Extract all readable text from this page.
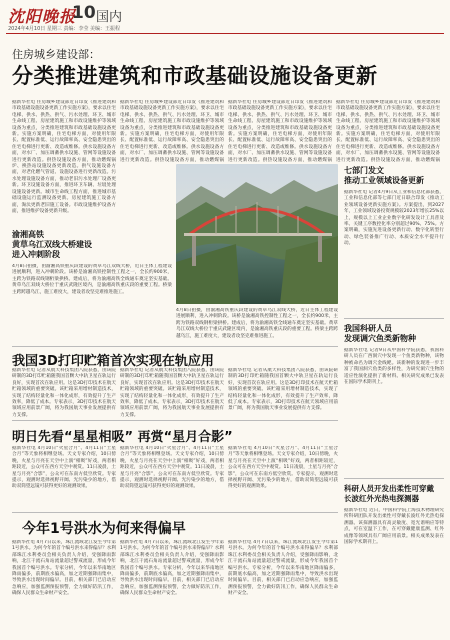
沈阳晚报
10 国内
2024年4月10日 星期三 责编：李莹 美编：王振程
住房城乡建设部：
分类推进建筑和市政基础设施设备更新
据新华社电 住房城乡建设部近日印发《推进建筑和市政基础设施设备更新工作实施方案》，要求以住宅电梯、供水、供热、供气、污水处理、环卫、城市生命线工程、房屋建筑施工和市政设施维护等领域设备为重点，分类推进建筑和市政基础设施设备更新。实施方案明确，住宅电梯方面，对使用年限长、配置标准低、运行故障率高、安全隐患突出的住宅电梯进行更新、改造或维修。供水设施设备方面，对水厂、加压调蓄供水设施、管网等设施设备进行更新改造。供热设施设备方面，推动燃煤锅炉、换热站设施设备更新改造。供气设施设备方面，对老化燃气管道、设施设备进行更新改造。污水处理设施设备方面，推动老旧污水处理厂设备更新。环卫设施设备方面，推进环卫车辆、垃圾处理设施设备更新。城市生命线工程方面，推进城市基础设施运行监测设备更新。房屋建筑施工设备方面，淘汰更新老旧施工设备。市政设施维护设备方面，推进维护设备更新升级。
据新华社电 住房城乡建设部近日印发《推进建筑和市政基础设施设备更新工作实施方案》，要求以住宅电梯、供水、供热、供气、污水处理、环卫、城市生命线工程、房屋建筑施工和市政设施维护等领域设备为重点，分类推进建筑和市政基础设施设备更新。实施方案明确，住宅电梯方面，对使用年限长、配置标准低、运行故障率高、安全隐患突出的住宅电梯进行更新、改造或维修。供水设施设备方面，对水厂、加压调蓄供水设施、管网等设施设备进行更新改造。供热设施设备方面，推动燃煤锅
据新华社电 住房城乡建设部近日印发《推进建筑和市政基础设施设备更新工作实施方案》，要求以住宅电梯、供水、供热、供气、污水处理、环卫、城市生命线工程、房屋建筑施工和市政设施维护等领域设备为重点，分类推进建筑和市政基础设施设备更新。实施方案明确，住宅电梯方面，对使用年限长、配置标准低、运行故障率高、安全隐患突出的住宅电梯进行更新、改造或维修。供水设施设备方面，对水厂、加压调蓄供水设施、管网等设施设备进行更新改造。供热设施设备方面，推动燃煤锅
据新华社电 住房城乡建设部近日印发《推进建筑和市政基础设施设备更新工作实施方案》，要求以住宅电梯、供水、供热、供气、污水处理、环卫、城市生命线工程、房屋建筑施工和市政设施维护等领域设备为重点，分类推进建筑和市政基础设施设备更新。实施方案明确，住宅电梯方面，对使用年限长、配置标准低、运行故障率高、安全隐患突出的住宅电梯进行更新、改造或维修。供水设施设备方面，对水厂、加压调蓄供水设施、管网等设施设备进行更新改造。供热设施设备方面，推动燃煤锅
渝湘高铁
黄草乌江双线大桥建设
进入冲刺阶段
4月8日拍摄，由渝湘高铁重庆段建设的黄草乌江双线大桥，近日主体工程建设进展顺利，进入冲刺阶段。该桥是渝湘高铁控制性工程之一，全长约900米，主跨为铁路双线钢桁梁拱桥。建成后，将为渝湘高铁全线通车奠定坚实基础。黄草乌江双线大桥位于重庆武隆区境内，是渝湘高铁重庆段的重要工程。桥梁主跨跨越乌江，施工难度大，建设者攻坚克难推进施工。
4月8日拍摄，由渝湘高铁重庆段建设的黄草乌江双线大桥，近日主体工程建设进展顺利，进入冲刺阶段。该桥是渝湘高铁控制性工程之一，全长约900米，主跨为铁路双线钢桁梁拱桥。建成后，将为渝湘高铁全线通车奠定坚实基础。黄草乌江双线大桥位于重庆武隆区境内，是渝湘高铁重庆段的重要工程。桥梁主跨跨越乌江，施工难度大，建设者攻坚克难推进施工。
七部门发文
推动工业领域设备更新
据新华社电 记者4月9日从工业和信息化部获悉，工业和信息化部等七部门近日联合印发《推动工业领域设备更新实施方案》。方案提出，到2027年，工业领域设备投资规模较2023年增长25%以上，规模以上工业企业数字化研发设计工具普及率、关键工序数控化率分别超过90%、75%。方案明确，实施先进设备更新行动、数字化转型行动、绿色装备推广行动、本质安全水平提升行动。
我国3D打印贮箱首次实现在轨应用
据新华社电 记者从航天科技集团八院获悉，由该院研制的3D打印贮箱随我国首颗大中轨卫星在轨运行良好，实现首次在轨应用。这是3D打印技术在航天贮箱领域的重要突破。该贮箱采用增材制造技术，实现了结构轻量化和一体化成形，有效提升了生产效率，降低了成本。专家表示，3D打印技术在航天领域应用前景广阔，将为我国航天事业发展提供有力支撑。
据新华社电 记者从航天科技集团八院获悉，由该院研制的3D打印贮箱随我国首颗大中轨卫星在轨运行良好，实现首次在轨应用。这是3D打印技术在航天贮箱领域的重要突破。该贮箱采用增材制造技术，实现了结构轻量化和一体化成形，有效提升了生产效率，降低了成本。专家表示，3D打印技术在航天领域应用前景广阔，将为我国航天事业发展提供有力支撑。
据新华社电 记者从航天科技集团八院获悉，由该院研制的3D打印贮箱随我国首颗大中轨卫星在轨运行良好，实现首次在轨应用。这是3D打印技术在航天贮箱领域的重要突破。该贮箱采用增材制造技术，实现了结构轻量化和一体化成形，有效提升了生产效率，降低了成本。专家表示，3D打印技术在航天领域应用前景广阔，将为我国航天事业发展提供有力支撑。
我国科研人员
发现调穴鱼类新物种
据新华社电 记者9日从中国科学院获悉，我国科研人员在广西洞穴中发现一个鱼类新物种，该物种被命名为调穴金线鲃。该新种的发现进一步丰富了我国洞穴鱼类的多样性，为研究洞穴生物的适应性演化提供了新材料。相关研究成果已发表在国际学术期刊上。
明日先看“星星相吸” 再赏“星月合影”
据新华社电 4月10日“火星合月”、4月11日“土星合月”等天象将相继登场。天文专家介绍，10日傍晚，火星与月亮在天空中上演“相吸”好戏，两者相距较近，公众可在西方天空中观赏。11日凌晨，土星与月亮“合影”，公众可在东南方低空欣赏。专家提示，观测时选择视野开阔、光污染少的地方，借助双筒望远镜可获得更好的观测效果。
据新华社电 4月10日“火星合月”、4月11日“土星合月”等天象将相继登场。天文专家介绍，10日傍晚，火星与月亮在天空中上演“相吸”好戏，两者相距较近，公众可在西方天空中观赏。11日凌晨，土星与月亮“合影”，公众可在东南方低空欣赏。专家提示，观测时选择视野开阔、光污染少的地方，借助双筒望远镜可获得更好的观测效果。
据新华社电 4月10日“火星合月”、4月11日“土星合月”等天象将相继登场。天文专家介绍，10日傍晚，火星与月亮在天空中上演“相吸”好戏，两者相距较近，公众可在西方天空中观赏。11日凌晨，土星与月亮“合影”，公众可在东南方低空欣赏。专家提示，观测时选择视野开阔、光污染少的地方，借助双筒望远镜可获得更好的观测效果。	科研人员开发出柔性可穿戴
长波红外光热电探测器
据新华社电 近日，中国科学院上海技术物理研究所科研团队开发出柔性可穿戴长波红外光热电探测器。该探测器具有高灵敏度、宽光谱响应等特点，可在室温下工作，在可穿戴健康监测、红外成像等领域具有广阔应用前景。相关成果发表在国际学术期刊上。
今年1号洪水为何来得偏早
据新华社电 4月7日以来，珠江流域北江发生今年第1号洪水。为何今年的首个编号洪水来得偏早？水利部珠江水利委员会相关负责人介绍，受强降雨影响，北江干流石角站流量超过警戒流量，形成今年我国首个编号洪水。专家分析，今年以来华南地区降雨偏多，前期底水偏高，加之近期强降雨集中，导致洪水出现时间偏早。目前，相关部门已启动应急响应，加强监测预报预警，全力做好防汛工作，确保人民群众生命财产安全。
据新华社电 4月7日以来，珠江流域北江发生今年第1号洪水。为何今年的首个编号洪水来得偏早？水利部珠江水利委员会相关负责人介绍，受强降雨影响，北江干流石角站流量超过警戒流量，形成今年我国首个编号洪水。专家分析，今年以来华南地区降雨偏多，前期底水偏高，加之近期强降雨集中，导致洪水出现时间偏早。目前，相关部门已启动应急响应，加强监测预报预警，全力做好防汛工作，确保人民群众生命财产安全。
据新华社电 4月7日以来，珠江流域北江发生今年第1号洪水。为何今年的首个编号洪水来得偏早？水利部珠江水利委员会相关负责人介绍，受强降雨影响，北江干流石角站流量超过警戒流量，形成今年我国首个编号洪水。专家分析，今年以来华南地区降雨偏多，前期底水偏高，加之近期强降雨集中，导致洪水出现时间偏早。目前，相关部门已启动应急响应，加强监测预报预警，全力做好防汛工作，确保人民群众生命财产安全。
